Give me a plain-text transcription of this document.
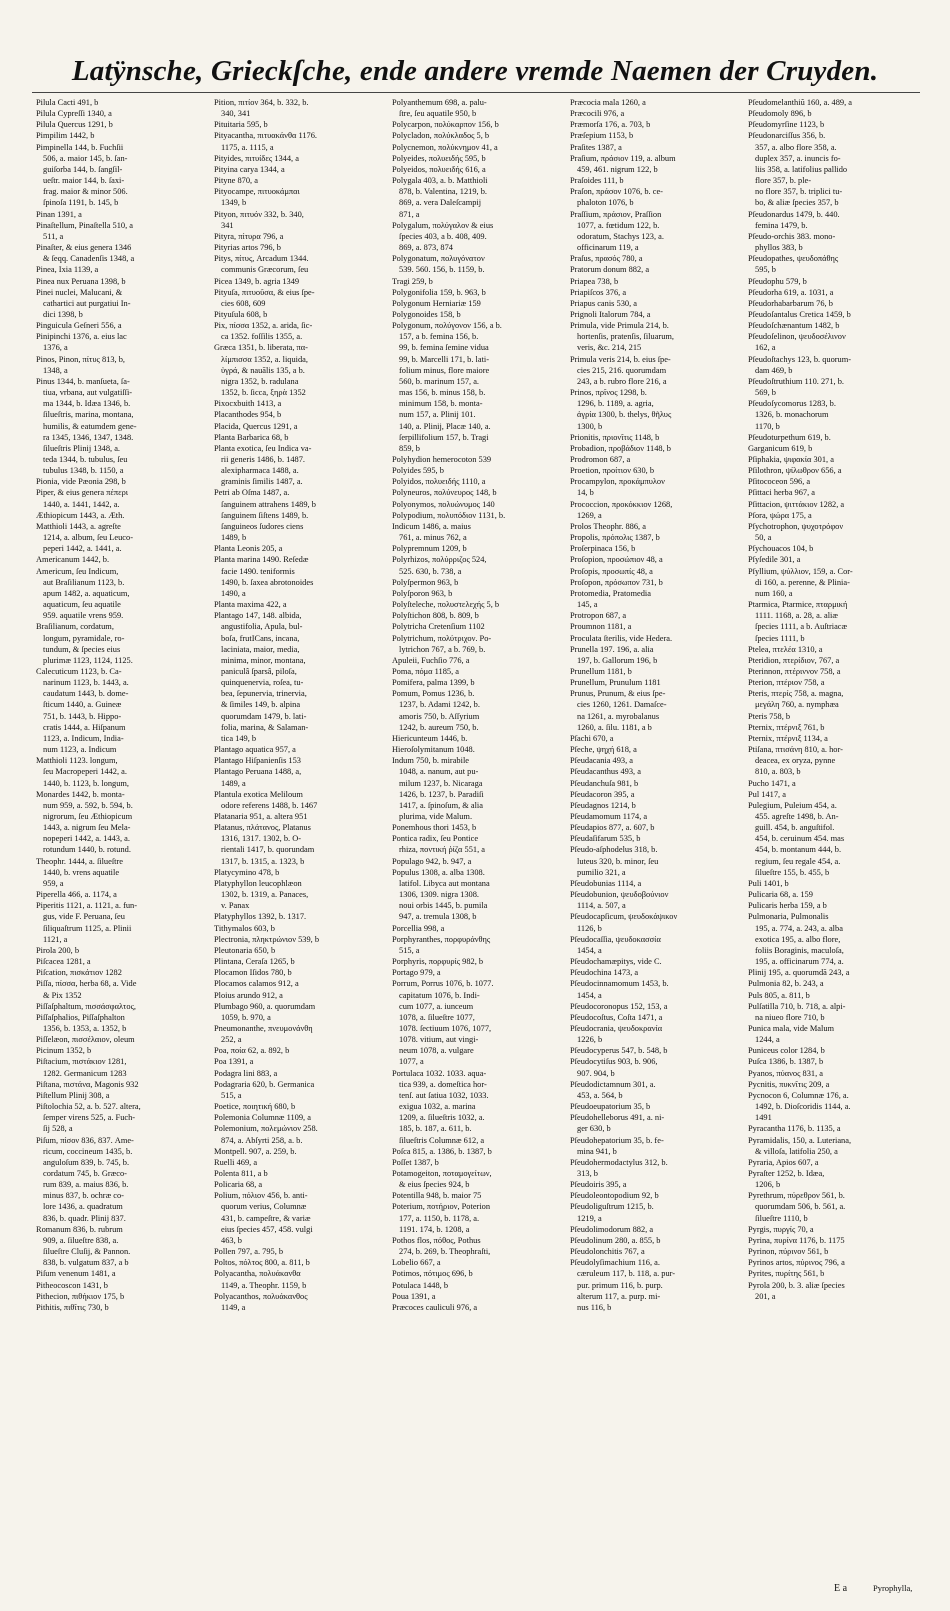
Latÿnsche, Grieckſche, ende andere vremde Naemen der Cruyden.
Pilula Cacti 491, b
Pilula Cypreſſi 1340, a
Pilula Quercus 1291, b
Pimpilim 1442, b
Pimpinella 144, b. Fuchſii
506, a. maior 145, b. ſan-
guiſorba 144, b. ſangſil-
ueſtr. maior 144, b. ſaxi-
frag. maior & minor 506.
ſpinoſa 1191, b. 145, b
Pinan 1391, a
Pinaſtellum, Pinaſtella 510, a
511, a
Pinaſter, & eius genera 1346
& ſeqq. Canadenſis 1348, a
Pinea, Ixia 1139, a
Pinea nux Peruana 1398, b
Pinei nuclei, Malucani, &
cathartici aut purgatiui In-
dici 1398, b
Pinguicula Geſneri 556, a
Pinipinchi 1376, a. eius lac
1376, a
Pinos, Pinon, πίτυς 813, b,
1348, a
Pinus 1344, b. manſueta, ſa-
tiua, vrbana, aut vulgatiſſi-
ma 1344, b. Idæa 1346, b.
ſilueſtris, marina, montana,
humilis, & eatumdem gene-
ra 1345, 1346, 1347, 1348.
ſilueſtris Plinij 1348, a.
teda 1344, b. tubulus, ſeu
tubulus 1348, b. 1150, a
Pionia, vide Pæonia 298, b
Piper, & eius genera πέπερι
1440, a. 1441, 1442, a.
Æthiopicum 1443, a. Æth.
Matthioli 1443, a. agreſte
1214, a. album, ſeu Leuco-
peperi 1442, a. 1441, a.
Americanum 1442, b.
Americum, ſeu Indicum,
aut Braſilianum 1123, b.
apum 1482, a. aquaticum,
aquaticum, ſeu aquatile
959. aquatile vrens 959.
Braſilianum, cordatum,
longum, pyramidale, ro-
tundum, & ſpecies eius
plurimæ 1123, 1124, 1125.
Calecuticum 1123, b. Ca-
narinum 1123, b. 1443, a.
caudatum 1443, b. dome-
ſticum 1440, a. Guineæ
751, b. 1443, b. Hippo-
cratis 1444, a. Hiſpanum
1123, a. Indicum, India-
num 1123, a. Indicum
Matthioli 1123. longum,
ſeu Macropeperi 1442, a.
1440, b. 1123, b. longum,
Monardes 1442, b. monta-
num 959, a. 592, b. 594, b.
nigrorum, ſeu Æthiopicum
1443, a. nigrum ſeu Mela-
nopeperi 1442, a. 1443, a.
rotundum 1440, b. rotund.
Theophr. 1444, a. ſilueſtre
1440, b. vrens aquatile
959, a
Piperella 466, a. 1174, a
Piperitis 1121, a. 1121, a. fun-
gus, vide F. Peruana, ſeu
ſiliquaſtrum 1125, a. Plinii
1121, a
Pirola 200, b
Piſcacea 1281, a
Piſcation, πισκάτιον 1282
Piſſa, πίσσα, herba 68, a. Vide
& Pix 1352
Piſſaſphaltum, πισσάσφαλτος,
Piſſaſphalios, Piſſaſphalton
1356, b. 1353, a. 1352, b
Piſſelæon, πισσέλαιον, oleum
Picinum 1352, b
Piſtacium, πιστάκιον 1281,
1282. Germanicum 1283
Piſtana, πιστάνα, Magonis 932
Piſtellum Plinij 308, a
Piſtolochia 52, a. b. 527. altera,
ſemper virens 525, a. Fuch-
ſij 528, a
Piſum, πίσον 836, 837. Ame-
ricum, coccineum 1435, b.
anguloſum 839, b. 745, b.
cordatum 745, b. Græco-
rum 839, a. maius 836, b.
minus 837, b. ochræ co-
lore 1436, a. quadratum
836, b. quadr. Plinij 837.
Romanum 836, b. rubrum
909, a. ſilueſtre 838, a.
ſilueſtre Cluſij, & Pannon.
838, b. vulgatum 837, a b
Piſum venenum 1481, a
Pitheocoscon 1431, b
Pithecion, πιθήκιον 175, b
Pithitis, πιθῖτις 730, b
Pition, πιτίον 364, b. 332, b.
340, 341
Pituitaria 595, b
Pityacantha, πιτυακάνθα 1176.
1175, a. 1115, a
Pityides, πιτυίδες 1344, a
Pityina carya 1344, a
Pityne 870, a
Pityocampe, πιτυοκάμπαι
1349, b
Pityon, πιτυόν 332, b. 340,
341
Pityra, πίτυρα 796, a
Pityrias artos 796, b
Pitys, πίτυς, Arcadum 1344.
communis Græcorum, ſeu
Picea 1349, b. agria 1349
Pityuſa, πιτυοῦσα, & eius ſpe-
cies 608, 609
Pityuſula 608, b
Pix, πίσσα 1352, a. arida, ſic-
ca 1352. foſſilis 1355, a.
Græca 1351, b. liberata, πα-
λίμπισσα 1352, a. liquida,
ὑγρά, & nauālis 135, a b.
nigra 1352, b. radulana
1352, b. ſicca, ξηρὰ 1352
Pixocxbuith 1413, a
Placanthodes 954, b
Placida, Quercus 1291, a
Planta Barbarica 68, b
Planta exotica, ſeu Indica va-
rii generis 1486, b. 1487.
alexipharmaca 1488, a.
graminis ſimilis 1487, a.
Petri ab Oſma 1487, a.
ſanguinem attrahens 1489, b
ſanguinem ſiſtens 1489, b.
ſanguineos ſudores ciens
1489, b
Planta Leonis 205, a
Planta marina 1490. Reſedæ
facie 1490. teniformis
1490, b. ſaxea abrotonoides
1490, a
Planta maxima 422, a
Plantago 147, 148. albida,
angustifolia, Apula, bul-
boſa, frutICans, incana,
laciniata, maior, media,
minima, minor, montana,
paniculâ ſparsâ, piloſa,
quinquenervia, roſea, tu-
bea, ſepunervia, trinervia,
& ſimiles 149, b. alpina
quorumdam 1479, b. lati-
folia, marina, & Salaman-
tica 149, b
Plantago aquatica 957, a
Plantago Hiſpanienſis 153
Plantago Peruana 1488, a,
1489, a
Plantula exotica Meliloum
odore referens 1488, b. 1467
Platanaria 951, a. altera 951
Platanus, πλάτανος, Platanus
1316, 1317. 1302, b. O-
rientali 1417, b. quorundam
1317, b. 1315, a. 1323, b
Platycymino 478, b
Platyphyllon leucophlæon
1302, b. 1319, a. Panaces,
v. Panax
Platyphyllos 1392, b. 1317.
Tithymalos 603, b
Plectronia, πληκτρώνιον 539, b
Pleutonaria 650, b
Plintana, Ceraſa 1265, b
Plocamon Iſidos 780, b
Plocamos calamos 912, a
Ploius arundo 912, a
Plumbago 960, a. quorumdam
1059, b. 970, a
Pneumonanthe, πνευμονάνθη
252, a
Poa, ποία 62, a. 892, b
Poa 1391, a
Podagra lini 883, a
Podagraria 620, b. Germanica
515, a
Poetice, ποιητική 680, b
Polemonia Columnæ 1109, a
Polemonium, πολεμώνιον 258.
874, a. Abſyrti 258, a. b.
Montpell. 907, a. 259, b.
Ruelli 469, a
Polenta 811, a b
Policaria 68, a
Polium, πόλιον 456, b. anti-
quorum verius, Columnæ
431, b. campeſtre, & variæ
eius ſpecies 457, 458. vulgi
463, b
Pollen 797, a. 795, b
Poltos, πόλτος 800, a. 811, b
Polyacantha, πολυάκανθα
1149, a. Theophr. 1159, b
Polyacanthos, πολυάκανθος
1149, a
Polyanthemum 698, a. palu-
ſtre, ſeu aquatile 950, b
Polycarpon, πολύκαρπον 156, b
Polycladon, πολύκλαδος 5, b
Polycnemon, πολύκνημον 41, a
Polyeides, πολυειδής 595, b
Polyeidos, πολυειδής 616, a
Polygala 403, a. b. Matthioli
878, b. Valentina, 1219, b.
869, a. vera Daleſcampij
871, a
Polygalum, πολύγαλον & eius
ſpecies 403, a b. 408, 409.
869, a. 873, 874
Polygonatum, πολυγόνατον
539. 560. 156, b. 1159, b.
Tragi 259, b
Polygonifolia 159, b. 963, b
Polygonum Herniariæ 159
Polygonoides 158, b
Polygonum, πολύγονον 156, a b.
157, a b. femina 156, b.
99, b. femina ſemine vidua
99, b. Marcelli 171, b. lati-
folium minus, flore maiore
560, b. marinum 157, a.
mas 156, b. minus 158, b.
minimum 158, b. monta-
num 157, a. Plinij 101.
140, a. Plinij, Placæ 140, a.
ſerpillifolium 157, b. Tragi
859, b
Polyhydion hemerocoton 539
Polyides 595, b
Polyidos, πολυειδής 1110, a
Polyneuros, πολύνευρος 148, b
Polyonymos, πολυώνυμος 140
Polypodium, πολυπόδιον 1131, b.
Indicum 1486, a. maius
761, a. minus 762, a
Polypremnum 1209, b
Polyrhizos, πολύρριζος 524,
525. 630, b. 738, a
Polyſpermon 963, b
Polyſporon 963, b
Polyſteleche, πολυστελεχής 5, b
Polyſtichon 808, b. 809, b
Polytricha Cretenſium 1102
Polytrichum, πολύτριχον. Po-
lytrichon 767, a b. 769, b.
Apuleii, Fuchſio 776, a
Poma, πόμα 1185, a
Pomifera, palma 1399, b
Pomum, Pomus 1236, b.
1237, b. Adami 1242, b.
amoris 750, b. Aſſyrium
1242, b. aureum 750, b.
Hiericunteum 1446, b.
Hieroſolymitanum 1048.
Indum 750, b. mirabile
1048, a. nanum, aut pu-
milum 1237, b. Nicaraga
1426, b. 1237, b. Paradiſi
1417, a. ſpinoſum, & alia
plurima, vide Malum.
Ponemhous thori 1453, b
Pontica radix, ſeu Pontice
rhiza, ποντική ῥίζα 551, a
Populago 942, b. 947, a
Populus 1308, a. alba 1308.
latifol. Libyca aut montana
1306, 1309. nigra 1308.
noui orbis 1445, b. pumila
947, a. tremula 1308, b
Porcellia 998, a
Porphyranthes, πορφυράνθης
515, a
Porphyris, πορφυρίς 982, b
Portago 979, a
Porrum, Porrus 1076, b. 1077.
capitatum 1076, b. Indi-
cum 1077, a. iunceum
1078, a. ſilueſtre 1077,
1078. ſectiuum 1076, 1077,
1078. vitium, aut vingi-
neum 1078, a. vulgare
1077, a
Portulaca 1032. 1033. aqua-
tica 939, a. domeſtica hor-
tenſ. aut ſatiua 1032, 1033.
exigua 1032, a. marina
1209, a. ſilueſtris 1032, a.
185, b. 187, a. 611, b.
ſilueſtris Columnæ 612, a
Poſca 815, a. 1386, b. 1387, b
Poſſet 1387, b
Potamogeiton, ποταμογείτων,
& eius ſpecies 924, b
Potentilla 948, b. maior 75
Poterium, ποτήριον, Poterion
177, a. 1150, b. 1178, a.
1191. 174, b. 1208, a
Pothos flos, πόθος, Pothus
274, b. 269, b. Theophraſti,
Lobelio 667, a
Potimos, πότιμος 696, b
Potulaca 1448, b
Poua 1391, a
Præcoces cauliculi 976, a
Præcocia mala 1260, a
Præcocili 976, a
Præmorſa 176, a. 703, b
Præſepium 1153, b
Praſites 1387, a
Praſium, πράσιον 119, a. album
459, 461. nigrum 122, b
Praſoides 111, b
Praſon, πράσον 1076, b. ce-
phaloton 1076, b
Praſſium, πράσιον, Praſſion
1077, a. fœtidum 122, b.
odoratum, Stachys 123, a.
officinarum 119, a
Praſus, πρασός 780, a
Pratorum donum 882, a
Priapea 738, b
Priapiſcos 376, a
Priapus canis 530, a
Prignoli Italorum 784, a
Primula, vide Primula 214, b.
hortenſis, pratenſis, ſiluarum,
veris, &c. 214, 215
Primula veris 214, b. eius ſpe-
cies 215, 216. quorumdam
243, a b. rubro flore 216, a
Prinos, πρῖνος 1298, b.
1296, b. 1189, a. agria,
ἀγρία 1300, b. thelys, θῆλυς
1300, b
Prionitis, πριονῖτις 1148, b
Probadion, προβάδιον 1148, b
Prodromon 687, a
Proetion, προίτιον 630, b
Procampylon, προκάμπυλον
14, b
Prococcion, προκόκκιον 1268,
1269, a
Prolos Theophr. 886, a
Propolis, πρόπολις 1387, b
Proſerpinaca 156, b
Proſopion, προσώπιον 48, a
Proſopis, προσωπίς 48, a
Proſopon, πρόσωπον 731, b
Protomedia, Pratomedia
145, a
Protropon 687, a
Proumnon 1181, a
Proculata ſterilis, vide Hedera.
Prunella 197. 196, a. alia
197, b. Gallorum 196, b
Prunellum 1181, b
Prunellum, Prunulum 1181
Prunus, Prunum, & eius ſpe-
cies 1260, 1261. Damaſce-
na 1261, a. myrobalanus
1260, a. ſilu. 1181, a b
Pſachi 670, a
Pſeche, ψηχή 618, a
Pſeudacania 493, a
Pſeudacanthus 493, a
Pſeudanchuſa 981, b
Pſeudacoron 395, a
Pſeudagnos 1214, b
Pſeudamomum 1174, a
Pſeudapios 877, a. 607, b
Pſeudaſifarum 535, b
Pſeudo-aſphodelus 318, b.
luteus 320, b. minor, ſeu
pumilio 321, a
Pſeudobunias 1114, a
Pſeudobunion, ψευδοβούνιον
1114, a. 507, a
Pſeudocapſicum, ψευδοκάψικον
1126, b
Pſeudocaſſia, ψευδοκασσία
1454, a
Pſeudochamæpitys, vide C.
Pſeudochina 1473, a
Pſeudocinnamomum 1453, b.
1454, a
Pſeudocoronopus 152, 153, a
Pſeudocoſtus, Coſta 1471, a
Pſeudocrania, ψευδοκρανία
1226, b
Pſeudocyperus 547, b. 548, b
Pſeudocytiſus 903, b. 906,
907. 904, b
Pſeudodictamnum 301, a.
453, a. 564, b
Pſeudoeupatorium 35, b
Pſeudohelleborus 491, a. ni-
ger 630, b
Pſeudohepatorium 35, b. fe-
mina 941, b
Pſeudohermodactylus 312, b.
313, b
Pſeudoiris 395, a
Pſeudoleontopodium 92, b
Pſeudoliguſtrum 1215, b.
1219, a
Pſeudolimodorum 882, a
Pſeudolinum 280, a. 855, b
Pſeudolonchitis 767, a
Pſeudolyſimachium 116, a.
cæruleum 117, b. 118, a. pur-
pur. primum 116, b. purp.
alterum 117, a. purp. mi-
nus 116, b
Pſeudomelanthiũ 160, a. 489, a
Pſeudomoly 896, b
Pſeudomyrſine 1123, b
Pſeudonarciſſus 356, b.
357, a. albo flore 358, a.
duplex 357, a. inuncis fo-
liis 358, a. latifolius pallido
flore 357, b. ple-
no flore 357, b. triplici tu-
bo, & aliæ ſpecies 357, b
Pſeudonardus 1479, b. 440.
femina 1479, b.
Pſeudo-orchis 383. mono-
phyllos 383, b
Pſeudopathes, ψευδοπάθης
595, b
Pſeudophu 579, b
Pſeudorha 619, a. 1031, a
Pſeudorhabarbarum 76, b
Pſeudoſantalus Cretica 1459, b
Pſeudoſchænantum 1482, b
Pſeudoſelinon, ψευδοσέλινον
162, a
Pſeudoſtachys 123, b. quorum-
dam 469, b
Pſeudoſtruthium 110. 271, b.
569, b
Pſeudoſycomorus 1283, b.
1326, b. monachorum
1170, b
Pſeudoturpethum 619, b.
Garganicum 619, b
Pſiphakia, ψιφακία 301, a
Pſilothron, ψίλωθρον 656, a
Pſitococeon 596, a
Pſittaci herba 967, a
Pſittacion, ψιττάκιον 1282, a
Pſora, ψώρα 175, a
Pſychotrophon, ψυχοτρόφον
50, a
Pſychouacos 104, b
Pſyſedile 301, a
Pſyllium, ψύλλιον, 159, a. Cor-
di 160, a. perenne, & Plinia-
num 160, a
Ptarmica, Ptarmice, πταρμική
1111. 1168, a. 28, a. aliæ
ſpecies 1111, a b. Auſtriacæ
ſpecies 1111, b
Ptelea, πτελέα 1310, a
Pteridion, πτερίδιον, 767, a
Pterinnon, πτέριννον 758, a
Pterion, πτέριον 758, a
Pteris, πτερίς 758, a. magna,
μεγάλη 760, a. nymphæa
Pteris 758, b
Pternix, πτέρνιξ 761, b
Pternix, πτέρνιξ 1134, a
Ptiſana, πτισάνη 810, a. hor-
deacea, ex oryza, pynne
810, a. 803, b
Pucho 1471, a
Pul 1417, a
Pulegium, Puleium 454, a.
455. agreſte 1498, b. An-
guill. 454, b. anguſtifol.
454, b. ceruinum 454. mas
454, b. montanum 444, b.
regium, ſeu regale 454, a.
ſilueſtre 155, b. 455, b
Puli 1401, b
Pulicaria 68, a. 159
Pulicaris herba 159, a b
Pulmonaria, Pulmonalis
195, a. 774, a. 243, a. alba
exotica 195, a. albo flore,
foliis Boraginis, maculoſa,
195, a. officinarum 774, a.
Plinij 195, a. quorumdã 243, a
Pulmonia 82, b. 243, a
Puls 805, a. 811, b
Pulſatilla 710, b. 718, a. alpi-
na niueo flore 710, b
Punica mala, vide Malum
1244, a
Puniceus color 1284, b
Puſca 1386, b. 1387, b
Pyanos, πύανος 831, a
Pycnitis, πυκνῖτις 209, a
Pycnocon 6, Columnæ 176, a.
1492, b. Dioſcoridis 1144, a.
1491
Pyracantha 1176, b. 1135, a
Pyramidalis, 150, a. Luteriana,
& villoſa, latifolia 250, a
Pyraria, Apios 607, a
Pyraſter 1252, b. Idæa,
1206, b
Pyrethrum, πύρεθρον 561, b.
quorumdam 506, b. 561, a.
ſilueſtre 1110, b
Pyrgis, πυργίς 70, a
Pyrina, πυρίνα 1176, b. 1175
Pyrinon, πύρινον 561, b
Pyrinos artos, πύρινος 796, a
Pyrites, πυρίτης 561, b
Pyrola 200, b. 3. aliæ ſpecies
201, a
E a	Pyrophylla,
